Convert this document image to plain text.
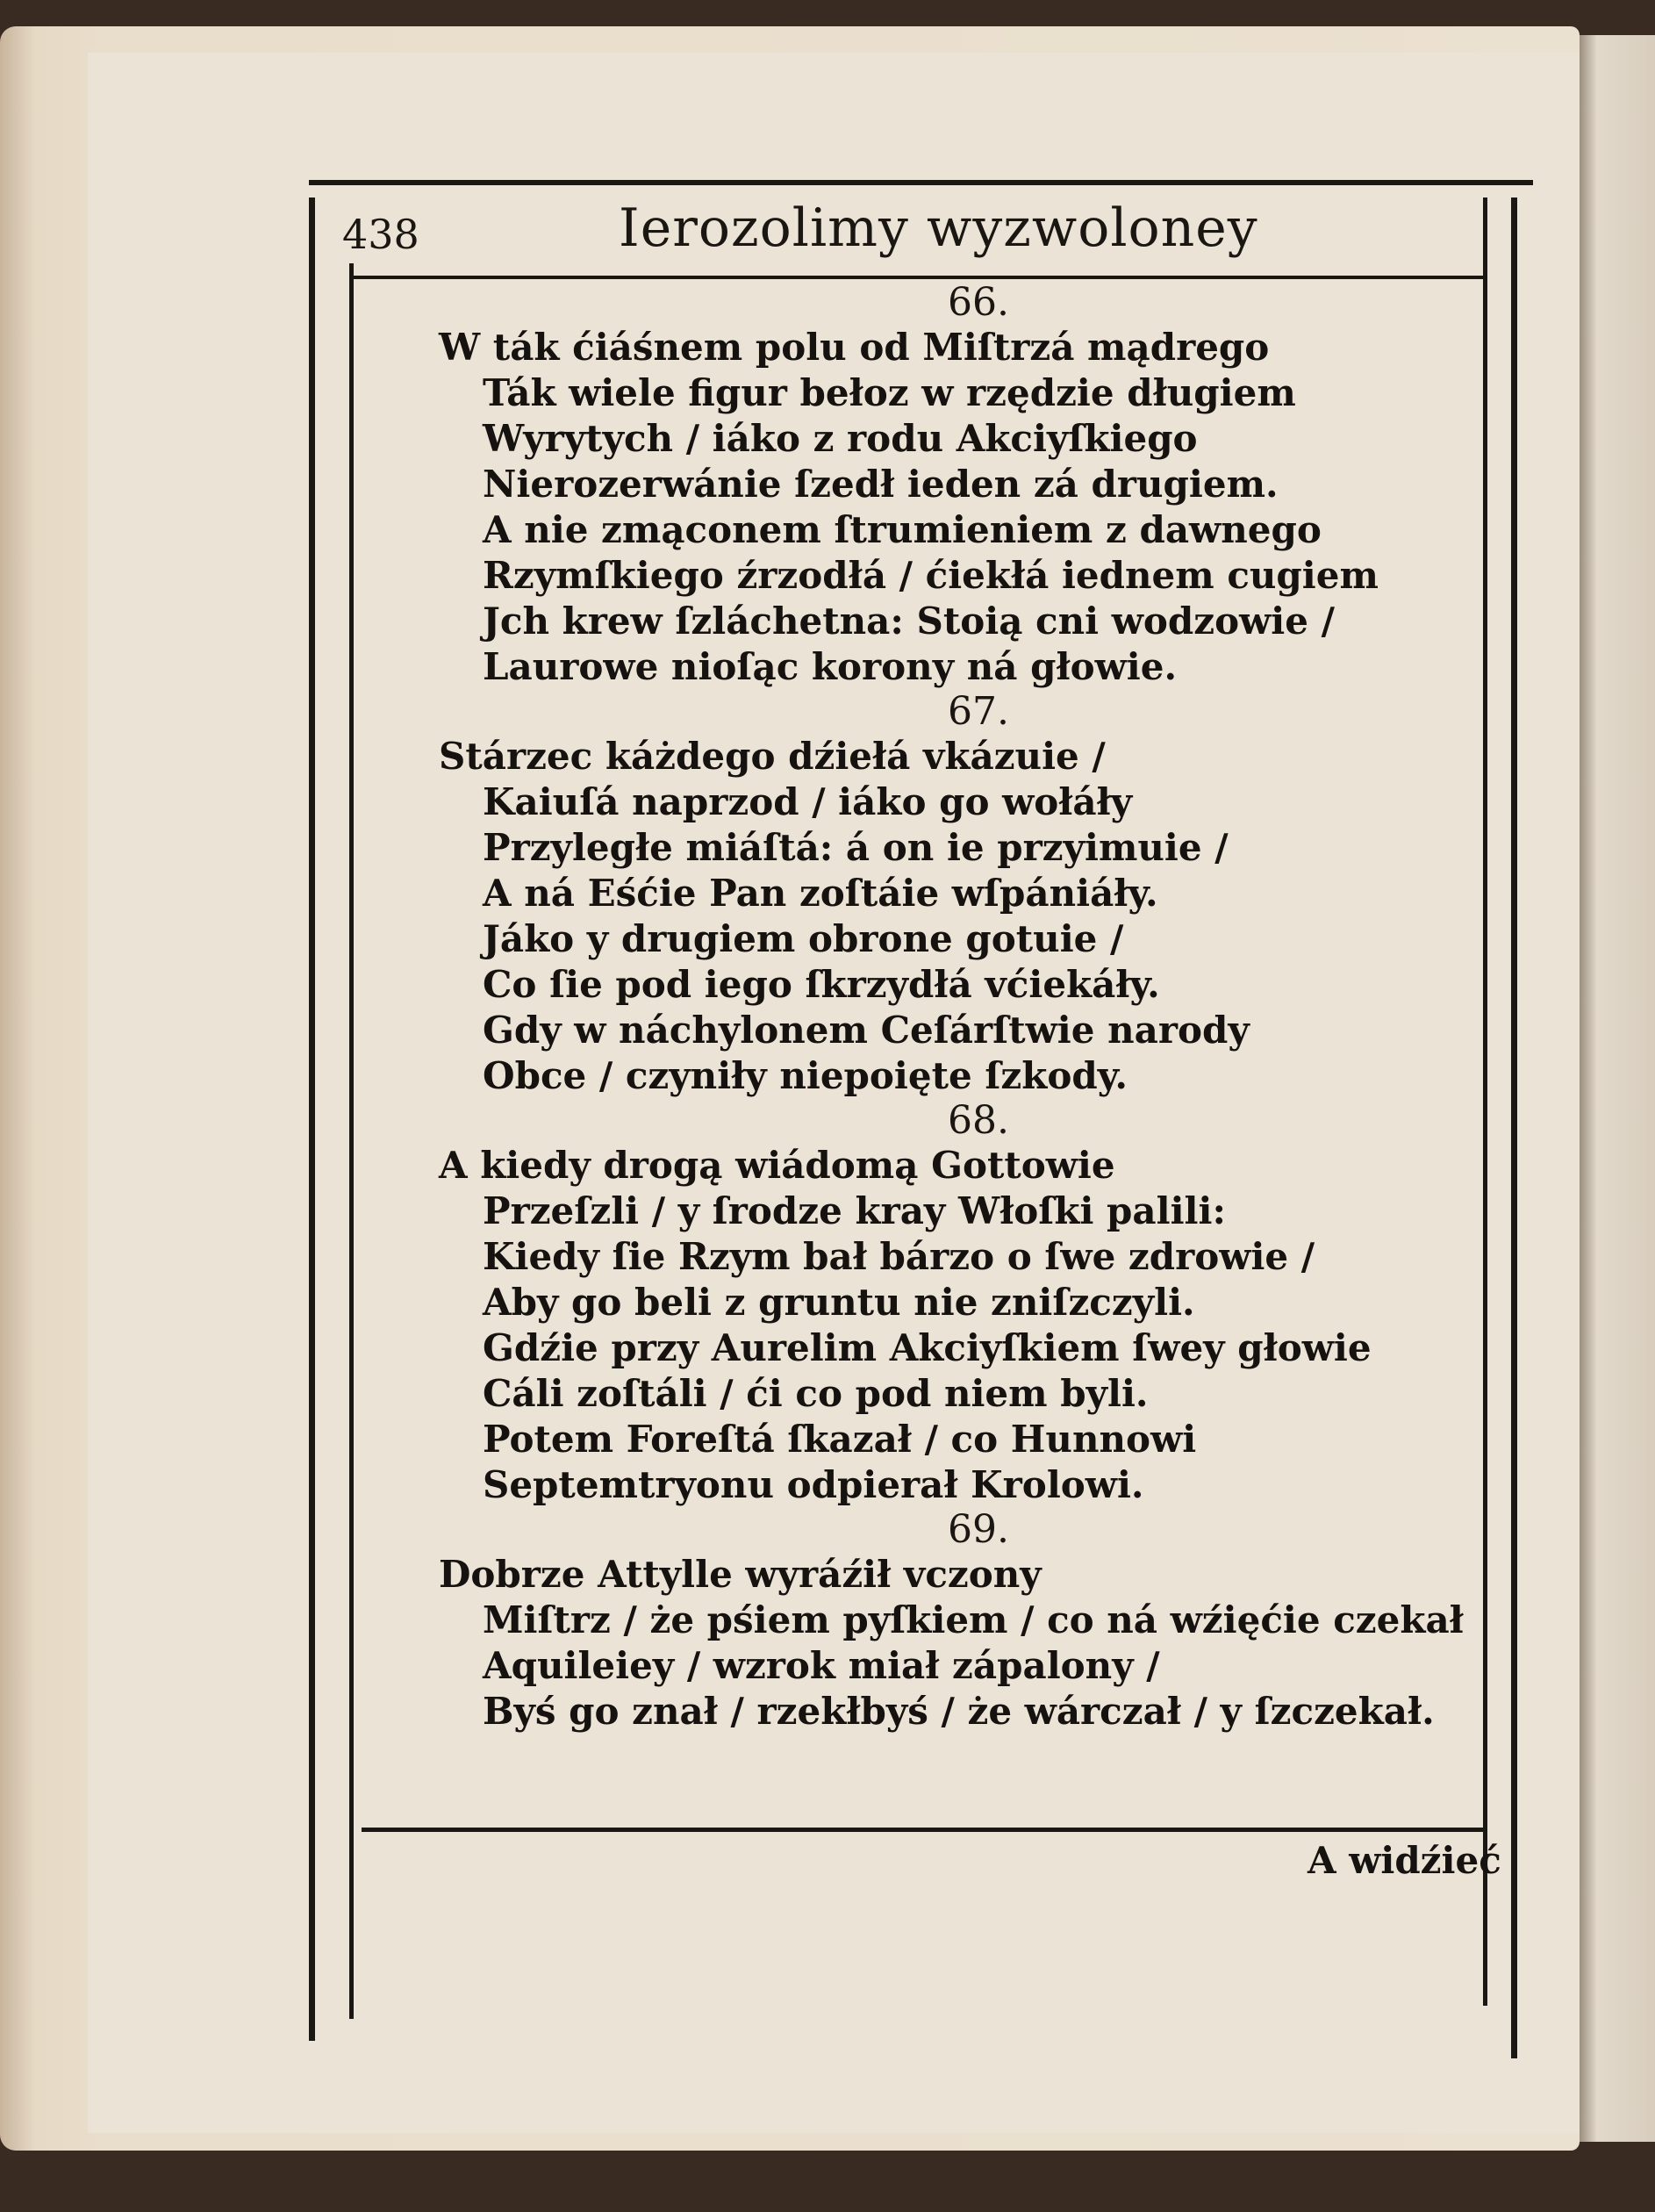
438	Ierozolimy wyzwoloney
66.
W ták ćiáśnem polu od Miſtrzá mądrego
Ták wiele figur bełoz w rzędzie długiem
Wyrytych / iáko z rodu Akciyſkiego
Nierozerwánie ſzedł ieden zá drugiem.
A nie zmąconem ſtrumieniem z dawnego
Rzymſkiego źrzodłá / ćiekłá iednem cugiem
Jch krew ſzláchetna: Stoią cni wodzowie /
Laurowe nioſąc korony ná głowie.
67.
Stárzec káżdego dźiełá vkázuie /
Kaiuſá naprzod / iáko go wołáły
Przyległe miáſtá: á on ie przyimuie /
A ná Eśćie Pan zoſtáie wſpániáły.
Jáko y drugiem obrone gotuie /
Co ſie pod iego ſkrzydłá vćiekáły.
Gdy w náchylonem Ceſárſtwie narody
Obce / czyniły niepoięte ſzkody.
68.
A kiedy drogą wiádomą Gottowie
Przeſzli / y ſrodze kray Włoſki palili:
Kiedy ſie Rzym bał bárzo o ſwe zdrowie /
Aby go beli z gruntu nie zniſzczyli.
Gdźie przy Aurelim Akciyſkiem ſwey głowie
Cáli zoſtáli / ći co pod niem byli.
Potem Foreſtá ſkazał / co Hunnowi
Septemtryonu odpierał Krolowi.
69.
Dobrze Attylle wyráźił vczony
Miſtrz / że pśiem pyſkiem / co ná wźięćie czekał
Aquileiey / wzrok miał zápalony /
Byś go znał / rzekłbyś / że wárczał / y ſzczekał.
A widźieć
